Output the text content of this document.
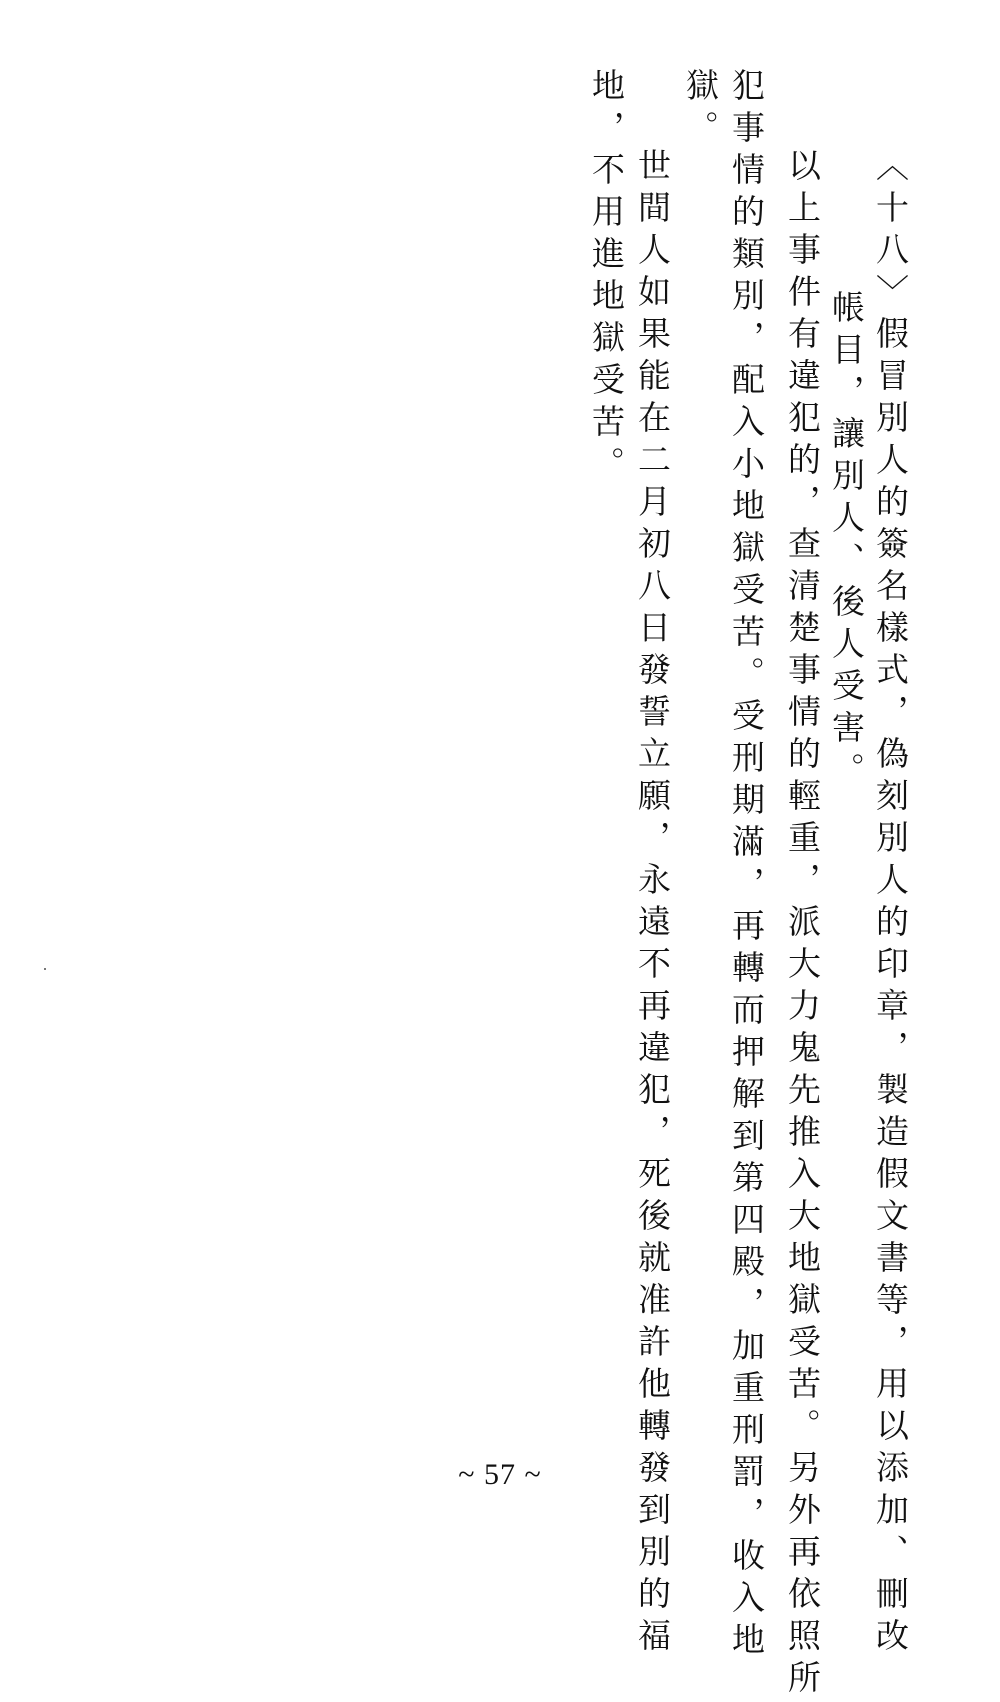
〈十八〉假冒別人的簽名樣式，偽刻別人的印章，製造假文書等，用以添加、刪改
帳目，讓別人、後人受害。
以上事件有違犯的，查清楚事情的輕重，派大力鬼先推入大地獄受苦。另外再依照所
犯事情的類別，配入小地獄受苦。受刑期滿，再轉而押解到第四殿，加重刑罰，收入地
獄。
世間人如果能在二月初八日發誓立願，永遠不再違犯，死後就准許他轉發到別的福
地，不用進地獄受苦。
~ 57 ~
